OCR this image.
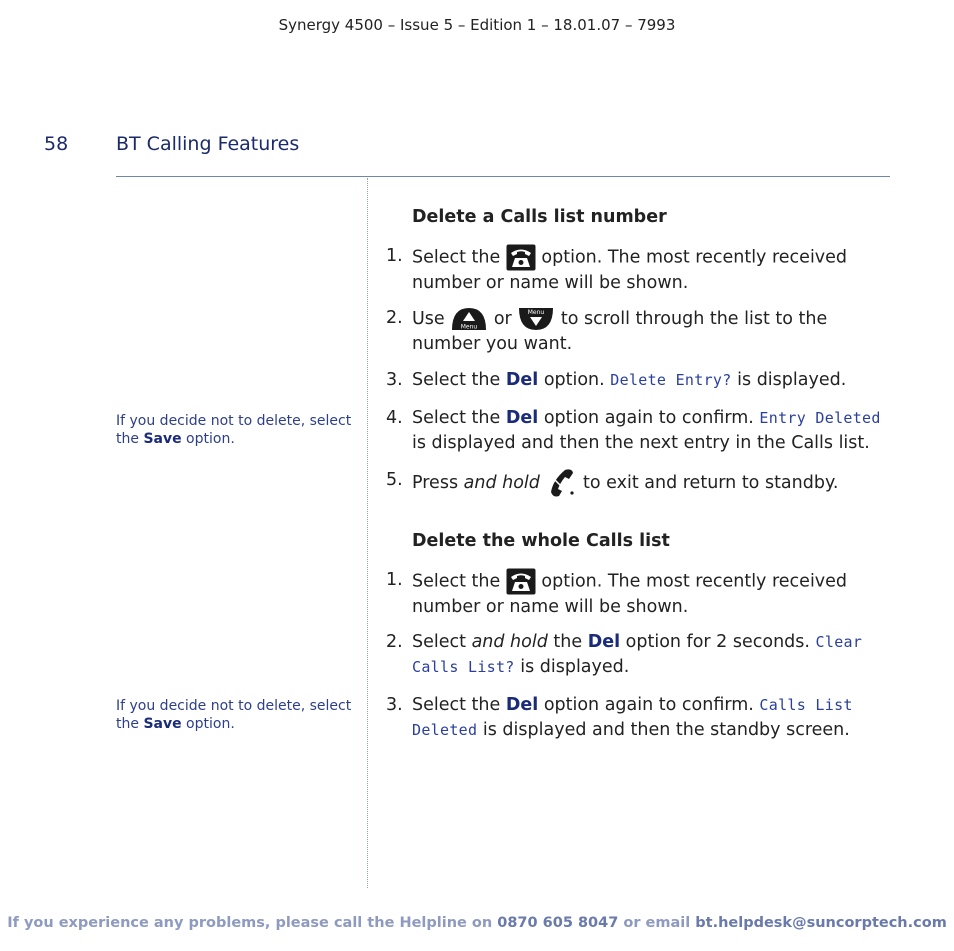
Synergy 4500 – Issue 5 – Edition 1 – 18.01.07 – 7993
58	BT Calling Features
Delete a Calls list number
1. Select the
option. The most recently received number or name will be shown.
2. Use Menu or Menu to scroll through the list to the number you want.
3. Select the Del option. Delete Entry? is displayed.
4. Select the Del option again to confirm. Entry Deleted is displayed and then the next entry in the Calls list.
5. Press and hold
to exit and return to standby.
Delete the whole Calls list
1. Select the
option. The most recently received number or name will be shown.
2. Select and hold the Del option for 2 seconds. Clear Calls List? is displayed.
3. Select the Del option again to confirm. Calls List Deleted is displayed and then the standby screen.
If you decide not to delete, select the Save option.
If you decide not to delete, select the Save option.
If you experience any problems, please call the Helpline on 0870 605 8047 or email bt.helpdesk@suncorptech.com
